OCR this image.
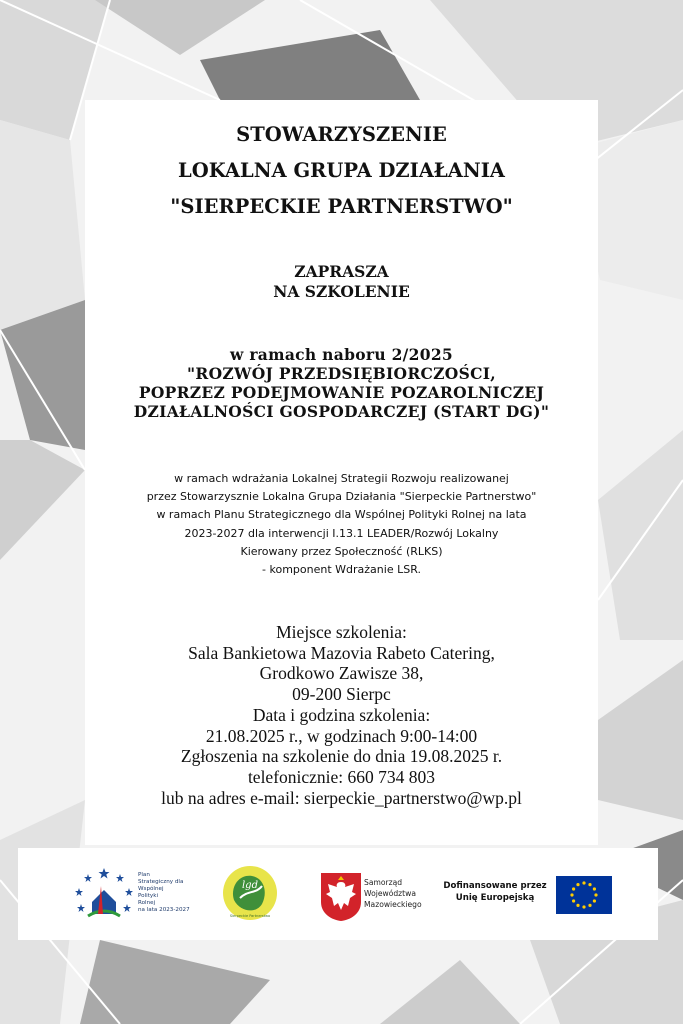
STOWARZYSZENIE
LOKALNA GRUPA DZIAŁANIA
"SIERPECKIE PARTNERSTWO"
ZAPRASZA
NA SZKOLENIE
w ramach naboru 2/2025
"ROZWÓJ PRZEDSIĘBIORCZOŚCI,
POPRZEZ PODEJMOWANIE POZAROLNICZEJ
DZIAŁALNOŚCI GOSPODARCZEJ (START DG)"
w ramach wdrażania Lokalnej Strategii Rozwoju realizowanej
przez Stowarzysznie Lokalna Grupa Działania "Sierpeckie Partnerstwo"
w ramach Planu Strategicznego dla Wspólnej Polityki Rolnej na lata
2023-2027 dla interwencji I.13.1 LEADER/Rozwój Lokalny
Kierowany przez Społeczność (RLKS)
- komponent Wdrażanie LSR.
Miejsce szkolenia:
Sala Bankietowa Mazovia Rabeto Catering,
Grodkowo Zawisze 38,
09-200 Sierpc
Data i godzina szkolenia:
21.08.2025 r., w godzinach 9:00-14:00
Zgłoszenia na szkolenie do dnia 19.08.2025 r.
telefonicznie: 660 734 803
lub na adres e-mail: sierpeckie_partnerstwo@wp.pl
Plan
Strategiczny dla
Wspólnej
Polityki
Rolnej
na lata 2023-2027
lgd
Sierpeckie Partnerstwo
Samorząd
Województwa
Mazowieckiego
Dofinansowane przez
Unię Europejską
